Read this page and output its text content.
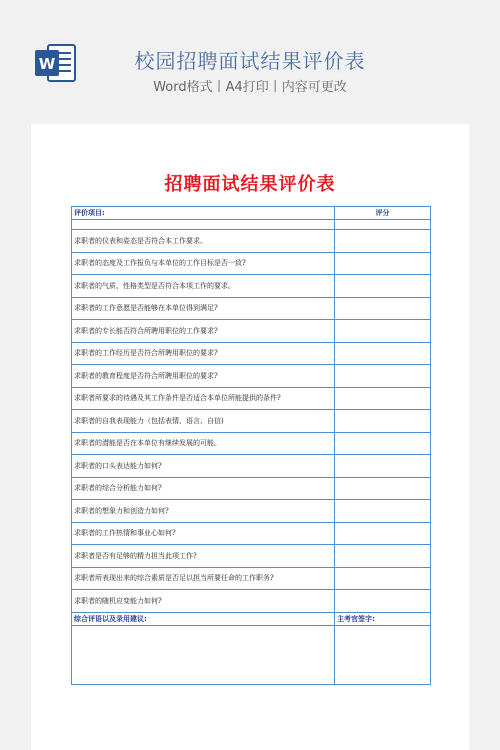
W	校园招聘面试结果评价表
Word格式丨A4打印丨内容可更改
招聘面试结果评价表
评价项目:	评分

求职者的仪表和姿态是否符合本工作要求。	
求职者的态度及工作报负与本单位的工作目标是否一致?	
求职者的气质、性格类型是否符合本项工作的要求。	
求职者的工作意愿是否能够在本单位得到满足?	
求职者的专长能否符合所聘用职位的工作要求?	
求职者的工作经历是否符合所聘用职位的要求?	
求职者的教育程度是否符合所聘用职位的要求?	
求职者所要求的待遇及其工作条件是否适合本单位所能提供的条件?	
求职者的自我表现能力（包括表情、语言、自信)	
求职者的潜能是否在本单位有继续发展的可能。	
求职者的口头表达能力如何?	
求职者的综合分析能力如何?	
求职者的想象力和创造力如何?	
求职者的工作热情和事业心如何?	
求职者是否有足够的精力担当此项工作?	
求职者所表现出来的综合素质是否足以担当所要任命的工作职务?	
求职者的随机应变能力如何?	
综合评语以及录用建议:	主考官签字:
